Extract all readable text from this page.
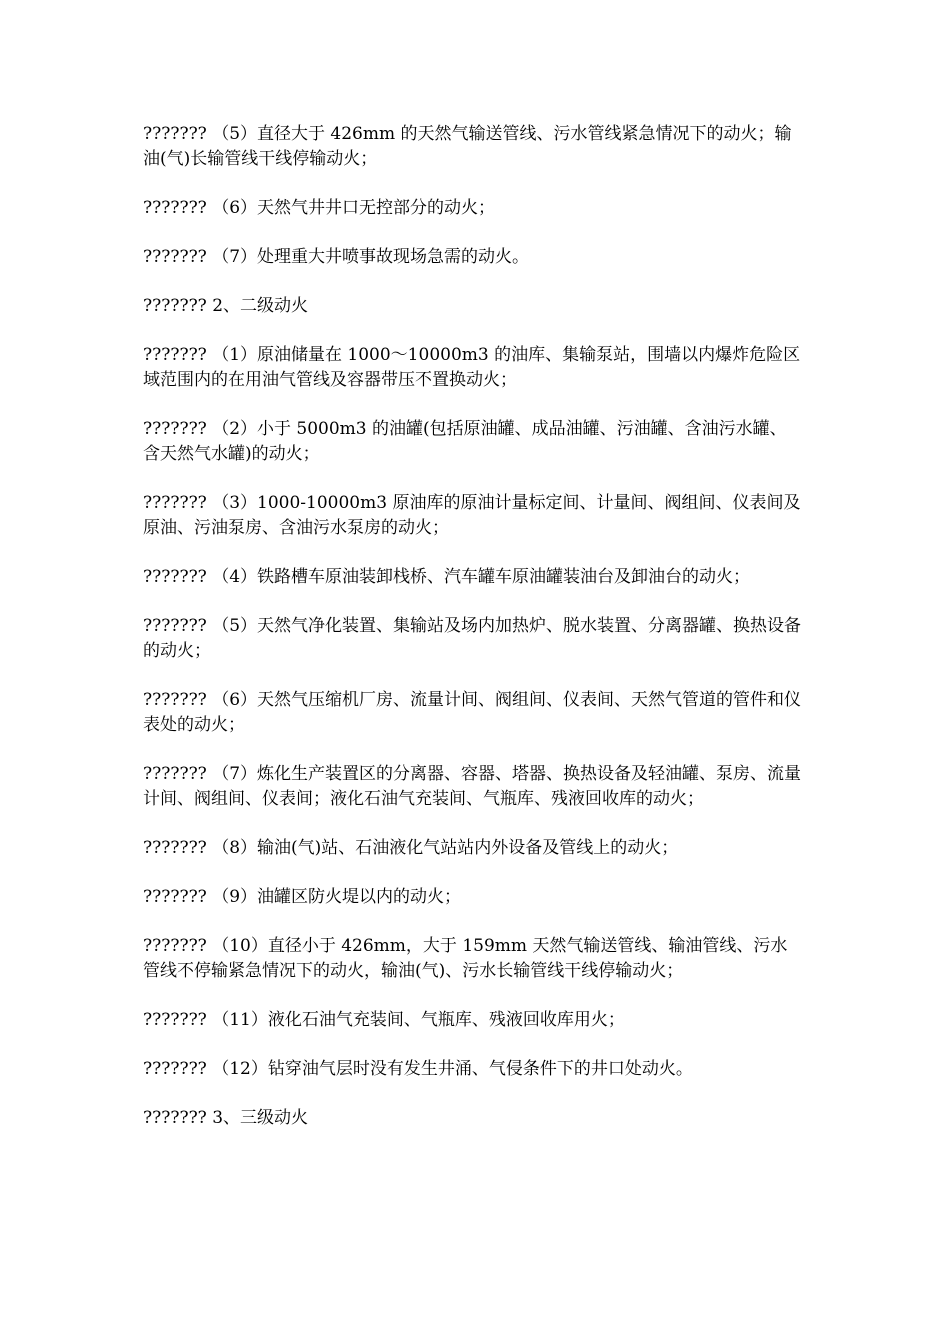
??????? （5）直径大于 426mm 的天然气输送管线、污水管线紧急情况下的动火；输油(气)长输管线干线停输动火；

??????? （6）天然气井井口无控部分的动火；

??????? （7）处理重大井喷事故现场急需的动火。

??????? 2、二级动火

??????? （1）原油储量在 1000～10000m3 的油库、集输泵站，围墙以内爆炸危险区域范围内的在用油气管线及容器带压不置换动火；

??????? （2）小于 5000m3 的油罐(包括原油罐、成品油罐、污油罐、含油污水罐、含天然气水罐)的动火；

??????? （3）1000-10000m3 原油库的原油计量标定间、计量间、阀组间、仪表间及原油、污油泵房、含油污水泵房的动火；

??????? （4）铁路槽车原油装卸栈桥、汽车罐车原油罐装油台及卸油台的动火；

??????? （5）天然气净化装置、集输站及场内加热炉、脱水装置、分离器罐、换热设备的动火；

??????? （6）天然气压缩机厂房、流量计间、阀组间、仪表间、天然气管道的管件和仪表处的动火；

??????? （7）炼化生产装置区的分离器、容器、塔器、换热设备及轻油罐、泵房、流量计间、阀组间、仪表间；液化石油气充装间、气瓶库、残液回收库的动火；

??????? （8）输油(气)站、石油液化气站站内外设备及管线上的动火；

??????? （9）油罐区防火堤以内的动火；

??????? （10）直径小于 426mm，大于 159mm 天然气输送管线、输油管线、污水管线不停输紧急情况下的动火，输油(气)、污水长输管线干线停输动火；

??????? （11）液化石油气充装间、气瓶库、残液回收库用火；

??????? （12）钻穿油气层时没有发生井涌、气侵条件下的井口处动火。

??????? 3、三级动火
